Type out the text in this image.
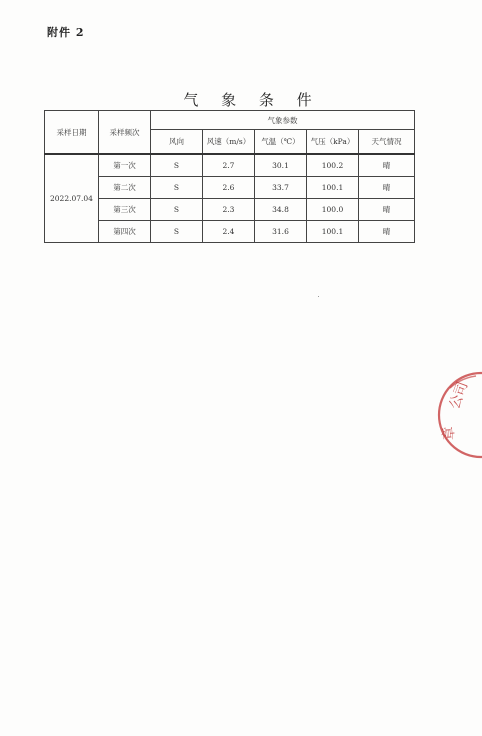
附件 2
气 象 条 件
采样日期	采样频次	气象参数				
		风向	风速（m/s）	气温（℃）	气压（kPa）	天气情况
2022.07.04	第一次	S	2.7	30.1	100.2	晴
	第二次	S	2.6	33.7	100.1	晴
	第三次	S	2.3	34.8	100.0	晴
	第四次	S	2.4	31.6	100.1	晴
公司
章
